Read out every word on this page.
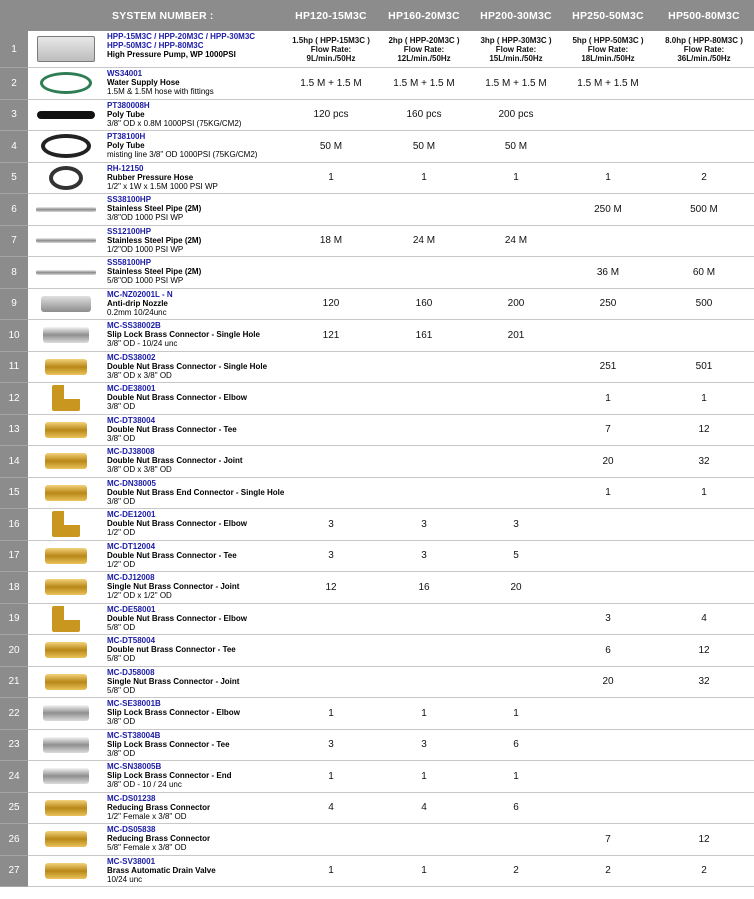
		SYSTEM NUMBER :	HP120-15M3C	HP160-20M3C	HP200-30M3C	HP250-50M3C	HP500-80M3C
1		HPP-15M3C / HPP-20M3C / HPP-30M3C
HPP-50M3C / HPP-80M3C
High Pressure Pump, WP 1000PSI	1.5hp ( HPP-15M3C )
Flow Rate:
9L/min./50Hz	2hp ( HPP-20M3C )
Flow Rate:
12L/min./50Hz	3hp ( HPP-30M3C )
Flow Rate:
15L/min./50Hz	5hp ( HPP-50M3C )
Flow Rate:
18L/min./50Hz	8.0hp ( HPP-80M3C )
Flow Rate:
36L/min./50Hz
2		WS34001
Water Supply Hose
1.5M & 1.5M hose with fittings	1.5 M + 1.5 M	1.5 M + 1.5 M	1.5 M + 1.5 M	1.5 M + 1.5 M	
3		PT380008H
Poly Tube
3/8" OD x 0.8M 1000PSI (75KG/CM2)	120 pcs	160 pcs	200 pcs		
4		PT38100H
Poly Tube
misting line 3/8" OD 1000PSI (75KG/CM2)	50 M	50 M	50 M		
5		RH-12150
Rubber Pressure Hose
1/2" x 1W x 1.5M 1000 PSI WP	1	1	1	1	2
6		SS38100HP
Stainless Steel Pipe (2M)
3/8"OD 1000 PSI WP				250 M	500 M
7		SS12100HP
Stainless Steel Pipe (2M)
1/2"OD 1000 PSI WP	18 M	24 M	24 M		
8		SS58100HP
Stainless Steel Pipe (2M)
5/8"OD 1000 PSI WP				36 M	60 M
9		MC-NZ02001L - N
Anti-drip Nozzle
0.2mm 10/24unc	120	160	200	250	500
10		MC-SS38002B
Slip Lock Brass Connector - Single Hole
3/8" OD - 10/24 unc	121	161	201		
11		MC-DS38002
Double Nut Brass Connector - Single Hole
3/8" OD x 3/8" OD				251	501
12		MC-DE38001
Double Nut Brass Connector - Elbow
3/8" OD				1	1
13		MC-DT38004
Double Nut Brass Connector - Tee
3/8" OD				7	12
14		MC-DJ38008
Double Nut Brass Connector - Joint
3/8" OD x 3/8" OD				20	32
15		MC-DN38005
Double Nut Brass End Connector - Single Hole
3/8" OD				1	1
16		MC-DE12001
Double Nut Brass Connector - Elbow
1/2" OD	3	3	3		
17		MC-DT12004
Double Nut Brass Connector - Tee
1/2" OD	3	3	5		
18		MC-DJ12008
Single Nut Brass Connector - Joint
1/2" OD x 1/2" OD	12	16	20		
19		MC-DE58001
Double Nut Brass Connector - Elbow
5/8" OD				3	4
20		MC-DT58004
Double nut Brass Connector - Tee
5/8" OD				6	12
21		MC-DJ58008
Single Nut Brass Connector - Joint
5/8" OD				20	32
22		MC-SE38001B
Slip Lock Brass Connector - Elbow
3/8" OD	1	1	1		
23		MC-ST38004B
Slip Lock Brass Connector - Tee
3/8" OD	3	3	6		
24		MC-SN38005B
Slip Lock Brass Connector - End
3/8" OD - 10 / 24 unc	1	1	1		
25		MC-DS01238
Reducing Brass Connector
1/2" Female x 3/8" OD	4	4	6		
26		MC-DS05838
Reducing Brass Connector
5/8" Female x 3/8" OD				7	12
27		MC-SV38001
Brass Automatic Drain Valve
10/24 unc	1	1	2	2	2
